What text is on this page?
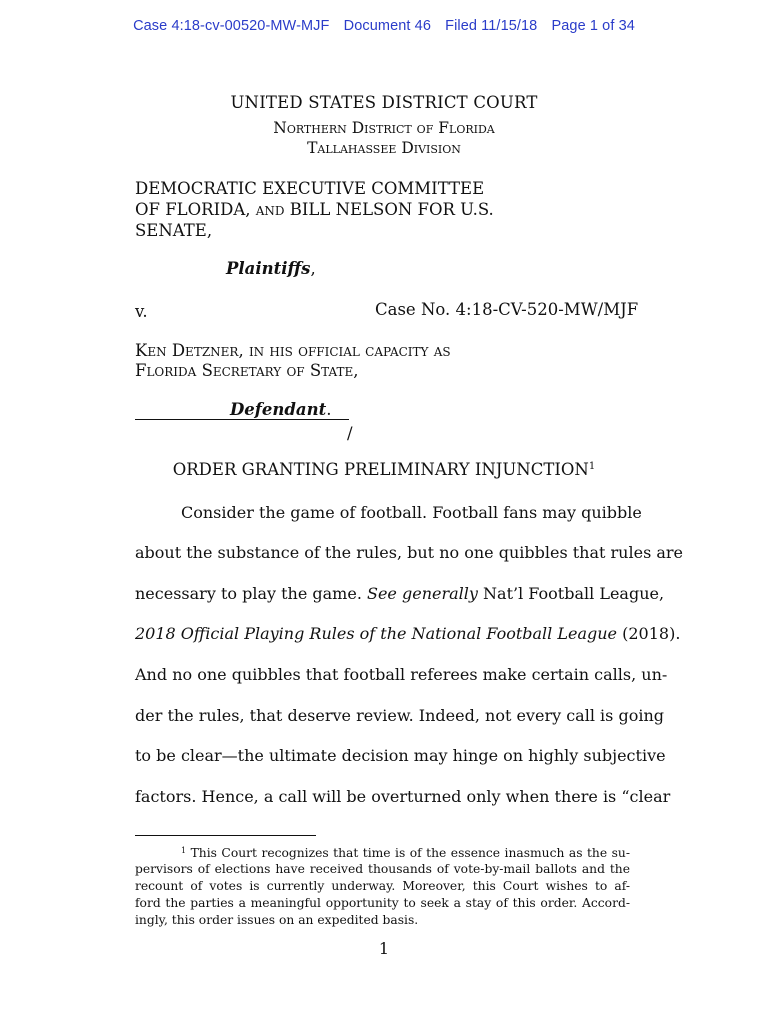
Case 4:18-cv-00520-MW-MJF Document 46 Filed 11/15/18 Page 1 of 34
UNITED STATES DISTRICT COURT
Northern District of Florida
Tallahassee Division
DEMOCRATIC EXECUTIVE COMMITTEE
OF FLORIDA, and BILL NELSON FOR U.S.
SENATE,
Plaintiffs,
v.	Case No. 4:18-CV-520-MW/MJF
Ken Detzner, in his official capacity as
Florida Secretary of State,
Defendant.
/
ORDER GRANTING PRELIMINARY INJUNCTION$^1$
Consider the game of football. Football fans may quibble
about the substance of the rules, but no one quibbles that rules are
necessary to play the game. See generally Nat’l Football League,
2018 Official Playing Rules of the National Football League (2018).
And no one quibbles that football referees make certain calls, un-
der the rules, that deserve review. Indeed, not every call is going
to be clear—the ultimate decision may hinge on highly subjective
factors. Hence, a call will be overturned only when there is “clear
$^1$ This Court recognizes that time is of the essence inasmuch as the su-
pervisors of elections have received thousands of vote-by-mail ballots and the
recount of votes is currently underway. Moreover, this Court wishes to af-
ford the parties a meaningful opportunity to seek a stay of this order. Accord-
ingly, this order issues on an expedited basis.
1
